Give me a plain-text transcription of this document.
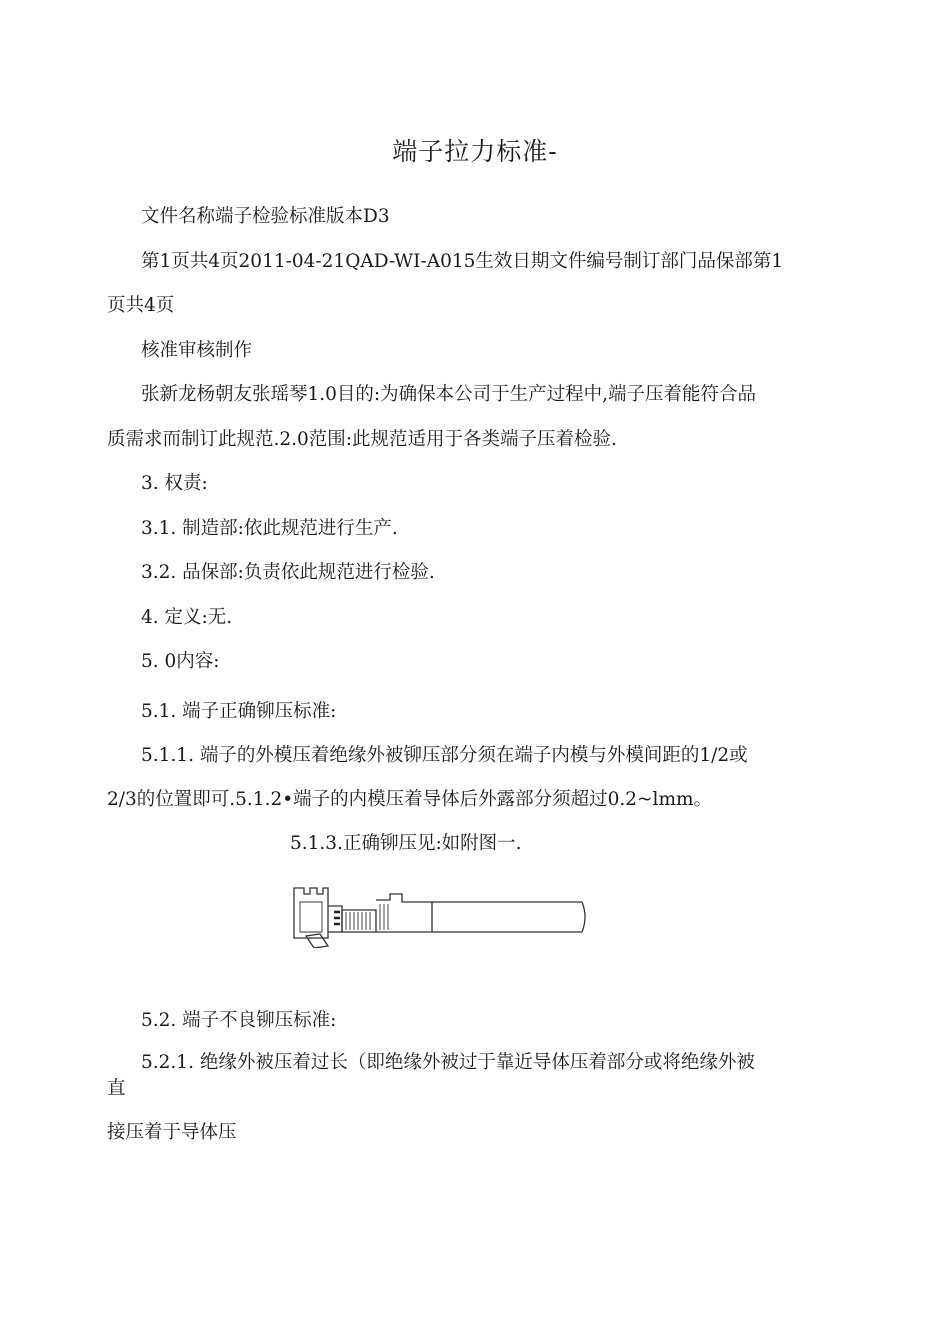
端子拉力标准-
文件名称端子检验标准版本D3
第1页共4页2011-04-21QAD-WI-A015生效日期文件编号制订部门品保部第1
页共4页
核准审核制作
张新龙杨朝友张瑶琴1.0目的:为确保本公司于生产过程中,端子压着能符合品
质需求而制订此规范.2.0范围:此规范适用于各类端子压着检验.
3. 权责:
3.1. 制造部:依此规范进行生产.
3.2. 品保部:负责依此规范进行检验.
4. 定义:无.
5. 0内容:
5.1. 端子正确铆压标准:
5.1.1. 端子的外模压着绝缘外被铆压部分须在端子内模与外模间距的1/2或
2/3的位置即可.5.1.2•端子的内模压着导体后外露部分须超过0.2~lmm。
5.1.3.正确铆压见:如附图一.
5.2. 端子不良铆压标准:
5.2.1. 绝缘外被压着过长（即绝缘外被过于靠近导体压着部分或将绝缘外被
直
接压着于导体压
